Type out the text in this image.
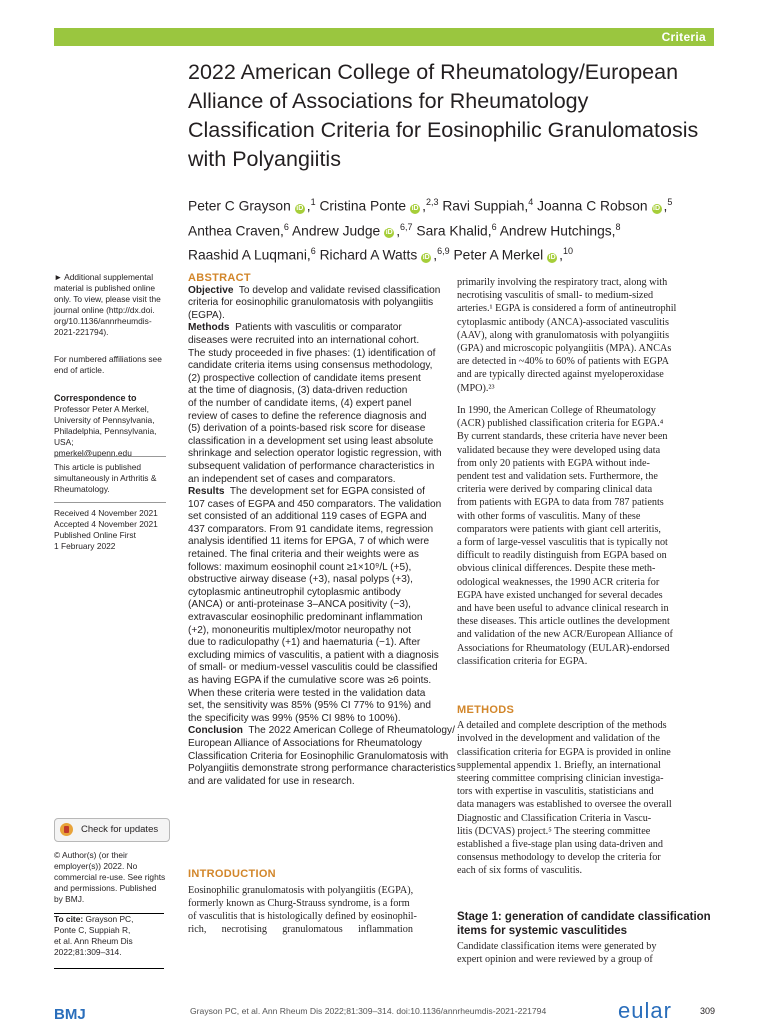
Criteria
2022 American College of Rheumatology/European
Alliance of Associations for Rheumatology
Classification Criteria for Eosinophilic Granulomatosis
with Polyangiitis
Peter C Grayson iD ,$^1$ Cristina Ponte iD ,$^{2,3}$ Ravi Suppiah,$^4$ Joanna C Robson iD ,$^5$
Anthea Craven,$^6$ Andrew Judge iD ,$^{6,7}$ Sara Khalid,$^6$ Andrew Hutchings,$^8$
Raashid A Luqmani,$^6$ Richard A Watts iD ,$^{6,9}$ Peter A Merkel iD ,$^{10}$
► Additional supplemental
material is published online
only. To view, please visit the
journal online (http://dx.doi.
org/10.1136/annrheumdis-
2021-221794).
For numbered affiliations see
end of article.
Correspondence to
Professor Peter A Merkel,
University of Pennsylvania,
Philadelphia, Pennsylvania, USA;
pmerkel@upenn.edu
This article is published
simultaneously in Arthritis &
Rheumatology.
Received 4 November 2021
Accepted 4 November 2021
Published Online First
1 February 2022
Check for updates
© Author(s) (or their
employer(s)) 2022. No
commercial re-use. See rights
and permissions. Published
by BMJ.
To cite: Grayson PC,
Ponte C, Suppiah R,
et al. Ann Rheum Dis
2022;81:309–314.
ABSTRACT
Objective  To develop and validate revised classification
criteria for eosinophilic granulomatosis with polyangiitis
(EGPA).
Methods  Patients with vasculitis or comparator
diseases were recruited into an international cohort.
The study proceeded in five phases: (1) identification of
candidate criteria items using consensus methodology,
(2) prospective collection of candidate items present
at the time of diagnosis, (3) data-driven reduction
of the number of candidate items, (4) expert panel
review of cases to define the reference diagnosis and
(5) derivation of a points-based risk score for disease
classification in a development set using least absolute
shrinkage and selection operator logistic regression, with
subsequent validation of performance characteristics in
an independent set of cases and comparators.
Results  The development set for EGPA consisted of
107 cases of EGPA and 450 comparators. The validation
set consisted of an additional 119 cases of EGPA and
437 comparators. From 91 candidate items, regression
analysis identified 11 items for EPGA, 7 of which were
retained. The final criteria and their weights were as
follows: maximum eosinophil count ≥1×10⁹/L (+5),
obstructive airway disease (+3), nasal polyps (+3),
cytoplasmic antineutrophil cytoplasmic antibody
(ANCA) or anti-proteinase 3–ANCA positivity (−3),
extravascular eosinophilic predominant inflammation
(+2), mononeuritis multiplex/motor neuropathy not
due to radiculopathy (+1) and haematuria (−1). After
excluding mimics of vasculitis, a patient with a diagnosis
of small- or medium-vessel vasculitis could be classified
as having EGPA if the cumulative score was ≥6 points.
When these criteria were tested in the validation data
set, the sensitivity was 85% (95% CI 77% to 91%) and
the specificity was 99% (95% CI 98% to 100%).
Conclusion  The 2022 American College of Rheumatology/
European Alliance of Associations for Rheumatology
Classification Criteria for Eosinophilic Granulomatosis with
Polyangiitis demonstrate strong performance characteristics
and are validated for use in research.
INTRODUCTION
Eosinophilic granulomatosis with polyangiitis (EGPA),
formerly known as Churg-Strauss syndrome, is a form
of vasculitis that is histologically defined by eosinophil-
rich,      necrotising      granulomatous      inflammation
primarily involving the respiratory tract, along with
necrotising vasculitis of small- to medium-sized
arteries.¹ EGPA is considered a form of antineutrophil
cytoplasmic antibody (ANCA)-associated vasculitis
(AAV), along with granulomatosis with polyangiitis
(GPA) and microscopic polyangiitis (MPA). ANCAs
are detected in ~40% to 60% of patients with EGPA
and are typically directed against myeloperoxidase
(MPO).²³
In 1990, the American College of Rheumatology
(ACR) published classification criteria for EGPA.⁴
By current standards, these criteria have never been
validated because they were developed using data
from only 20 patients with EGPA without inde-
pendent test and validation sets. Furthermore, the
criteria were derived by comparing clinical data
from patients with EGPA to data from 787 patients
with other forms of vasculitis. Many of these
comparators were patients with giant cell arteritis,
a form of large-vessel vasculitis that is typically not
difficult to readily distinguish from EGPA based on
obvious clinical differences. Despite these meth-
odological weaknesses, the 1990 ACR criteria for
EGPA have existed unchanged for several decades
and have been useful to advance clinical research in
these diseases. This article outlines the development
and validation of the new ACR/European Alliance of
Associations for Rheumatology (EULAR)-endorsed
classification criteria for EGPA.
METHODS
A detailed and complete description of the methods
involved in the development and validation of the
classification criteria for EGPA is provided in online
supplemental appendix 1. Briefly, an international
steering committee comprising clinician investiga-
tors with expertise in vasculitis, statisticians and
data managers was established to oversee the overall
Diagnostic and Classification Criteria in Vascu-
litis (DCVAS) project.⁵ The steering committee
established a five-stage plan using data-driven and
consensus methodology to develop the criteria for
each of six forms of vasculitis.
Stage 1: generation of candidate classification
items for systemic vasculitides
Candidate classification items were generated by
expert opinion and were reviewed by a group of
BMJ	Grayson PC, et al. Ann Rheum Dis 2022;81:309–314. doi:10.1136/annrheumdis-2021-221794	eular	309
